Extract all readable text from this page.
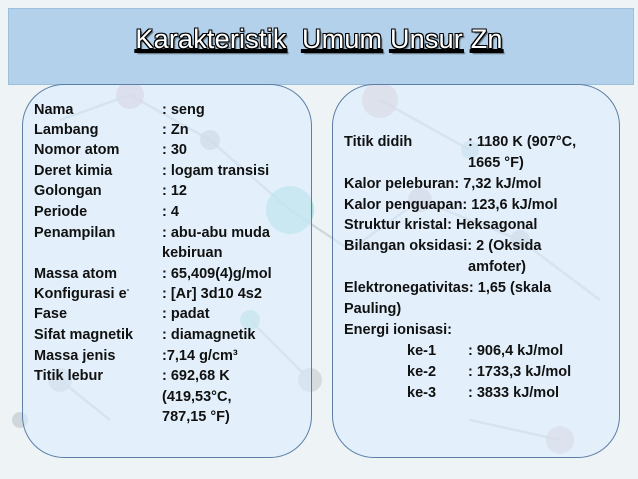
Karakteristik Umum Unsur Zn
Nama	: seng
Lambang	: Zn
Nomor atom	: 30
Deret kimia	: logam transisi
Golongan	: 12
Periode	: 4
Penampilan	: abu-abu muda
kebiruan
Massa atom	: 65,409(4)g/mol
Konfigurasi e- : [Ar] 3d10 4s2
Fase	: padat
Sifat magnetik : diamagnetik
Massa jenis	:7,14 g/cm³
Titik lebur	: 692,68 K
(419,53°C,
787,15 °F)
Titik didih	: 1180 K (907°C,
1665 °F)
Kalor peleburan: 7,32 kJ/mol
Kalor penguapan: 123,6 kJ/mol
Struktur kristal: Heksagonal
Bilangan oksidasi: 2 (Oksida
amfoter)
Elektronegativitas: 1,65 (skala
Pauling)
Energi ionisasi:
ke-1 : 906,4 kJ/mol
ke-2 : 1733,3 kJ/mol
ke-3 : 3833 kJ/mol
